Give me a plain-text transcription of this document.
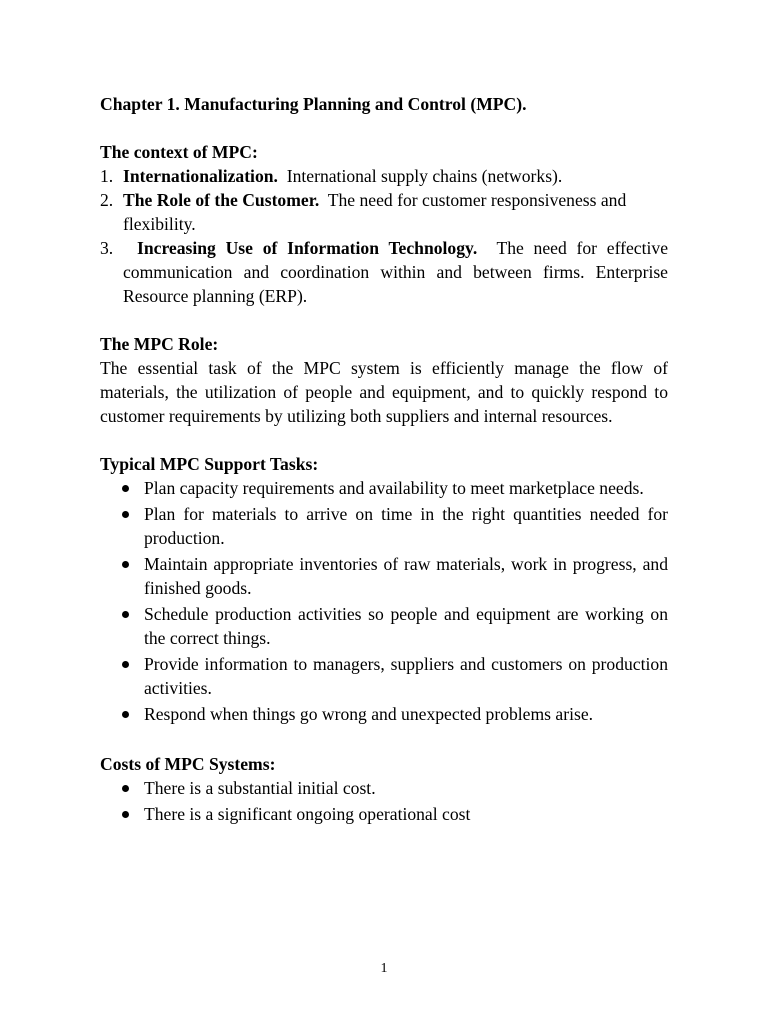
Chapter 1. Manufacturing Planning and Control (MPC).

The context of MPC:

1. Internationalization.  International supply chains (networks).
2. The Role of the Customer.  The need for customer responsiveness and flexibility.
3. Increasing Use of Information Technology.  The need for effective communication and coordination within and between firms. Enterprise Resource planning (ERP).

The MPC Role:

The essential task of the MPC system is efficiently manage the flow of materials, the utilization of people and equipment, and to quickly respond to customer requirements by utilizing both suppliers and internal resources.

Typical MPC Support Tasks:

Plan capacity requirements and availability to meet marketplace needs.
Plan for materials to arrive on time in the right quantities needed for production.
Maintain appropriate inventories of raw materials, work in progress, and finished goods.
Schedule production activities so people and equipment are working on the correct things.
Provide information to managers, suppliers and customers on production activities.
Respond when things go wrong and unexpected problems arise.

Costs of MPC Systems:

There is a substantial initial cost.
There is a significant ongoing operational cost
1
